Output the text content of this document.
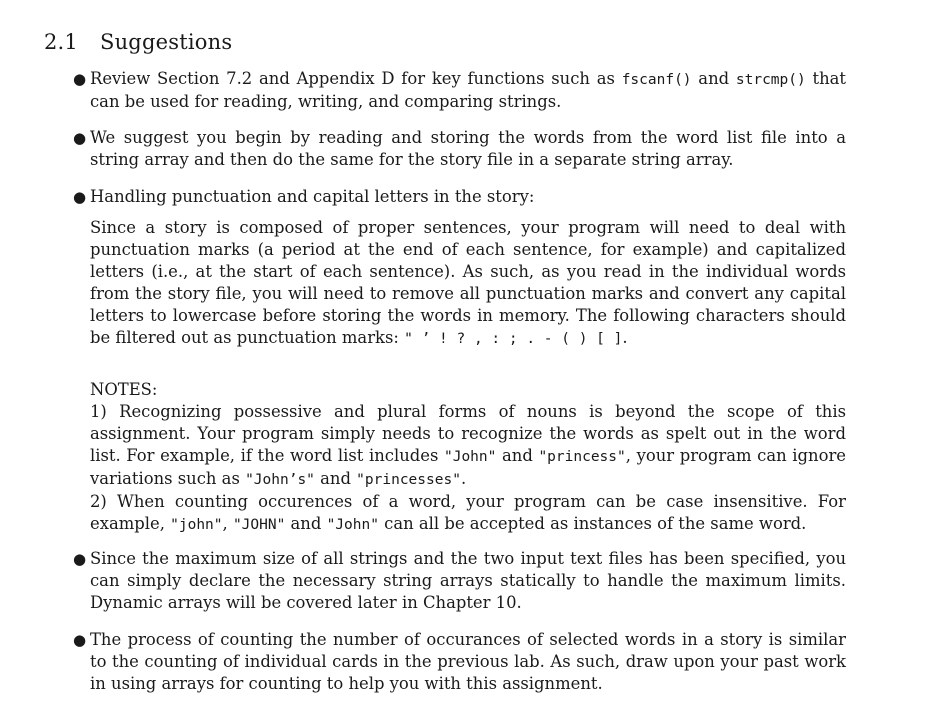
2.1 Suggestions
● Review Section 7.2 and Appendix D for key functions such as fscanf() and strcmp() that can be used for reading, writing, and comparing strings.

● We suggest you begin by reading and storing the words from the word list file into a string array and then do the same for the story file in a separate string array.

● Handling punctuation and capital letters in the story:

Since a story is composed of proper sentences, your program will need to deal with punctuation marks (a period at the end of each sentence, for example) and capitalized letters (i.e., at the start of each sentence). As such, as you read in the individual words from the story file, you will need to remove all punctuation marks and convert any capital letters to lowercase before storing the words in memory. The following characters should be filtered out as punctuation marks: " ’ ! ? , : ; . - ( ) [ ].

NOTES:

1) Recognizing possessive and plural forms of nouns is beyond the scope of this assignment. Your program simply needs to recognize the words as spelt out in the word list. For example, if the word list includes "John" and "princess", your program can ignore variations such as "John’s" and "princesses".

2) When counting occurences of a word, your program can be case insensitive. For example, "john", "JOHN" and "John" can all be accepted as instances of the same word.

● Since the maximum size of all strings and the two input text files has been specified, you can simply declare the necessary string arrays statically to handle the maximum limits. Dynamic arrays will be covered later in Chapter 10.

● The process of counting the number of occurances of selected words in a story is similar to the counting of individual cards in the previous lab. As such, draw upon your past work in using arrays for counting to help you with this assignment.
